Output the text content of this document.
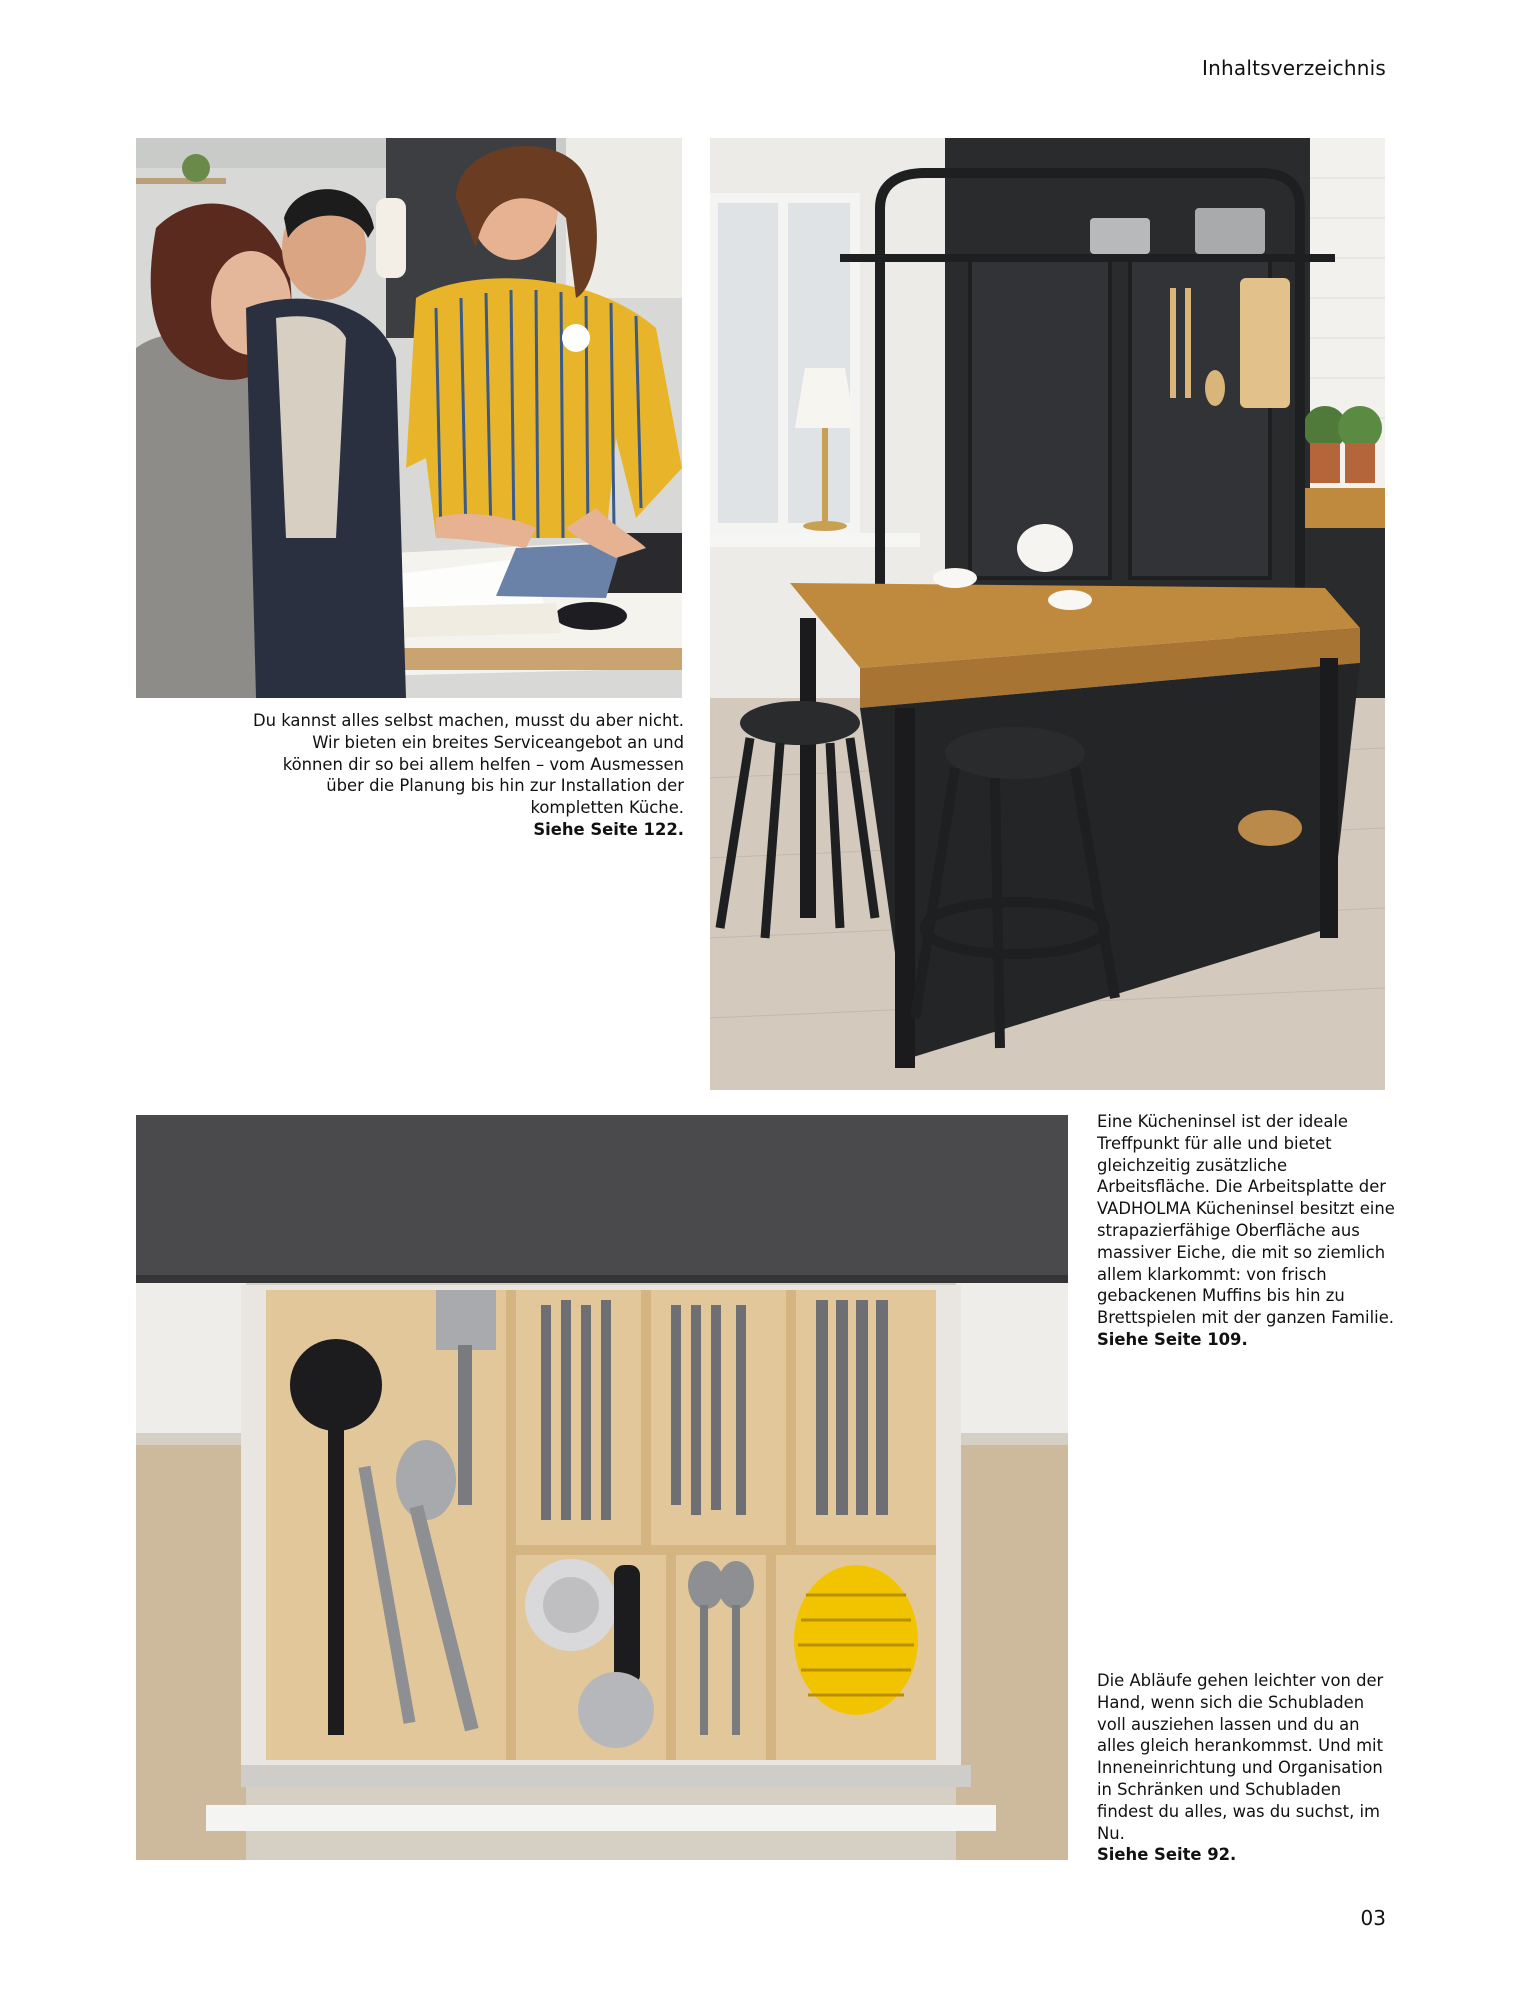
Inhaltsverzeichnis

Du kannst alles selbst machen, musst du aber nicht. Wir bieten ein breites Serviceangebot an und können dir so bei allem helfen – vom Ausmessen über die Planung bis hin zur Installation der kompletten Küche.

Siehe Seite 122.

Eine Kücheninsel ist der ideale Treffpunkt für alle und bietet gleichzeitig zusätzliche Arbeitsfläche. Die Arbeitsplatte der VADHOLMA Kücheninsel besitzt eine strapazierfähige Oberfläche aus massiver Eiche, die mit so ziemlich allem klarkommt: von frisch gebackenen Muffins bis hin zu Brettspielen mit der ganzen Familie.

Siehe Seite 109.

Die Abläufe gehen leichter von der Hand, wenn sich die Schubladen voll ausziehen lassen und du an alles gleich herankommst. Und mit Inneneinrichtung und Organisation in Schränken und Schubladen findest du alles, was du suchst, im Nu.

Siehe Seite 92.

03
